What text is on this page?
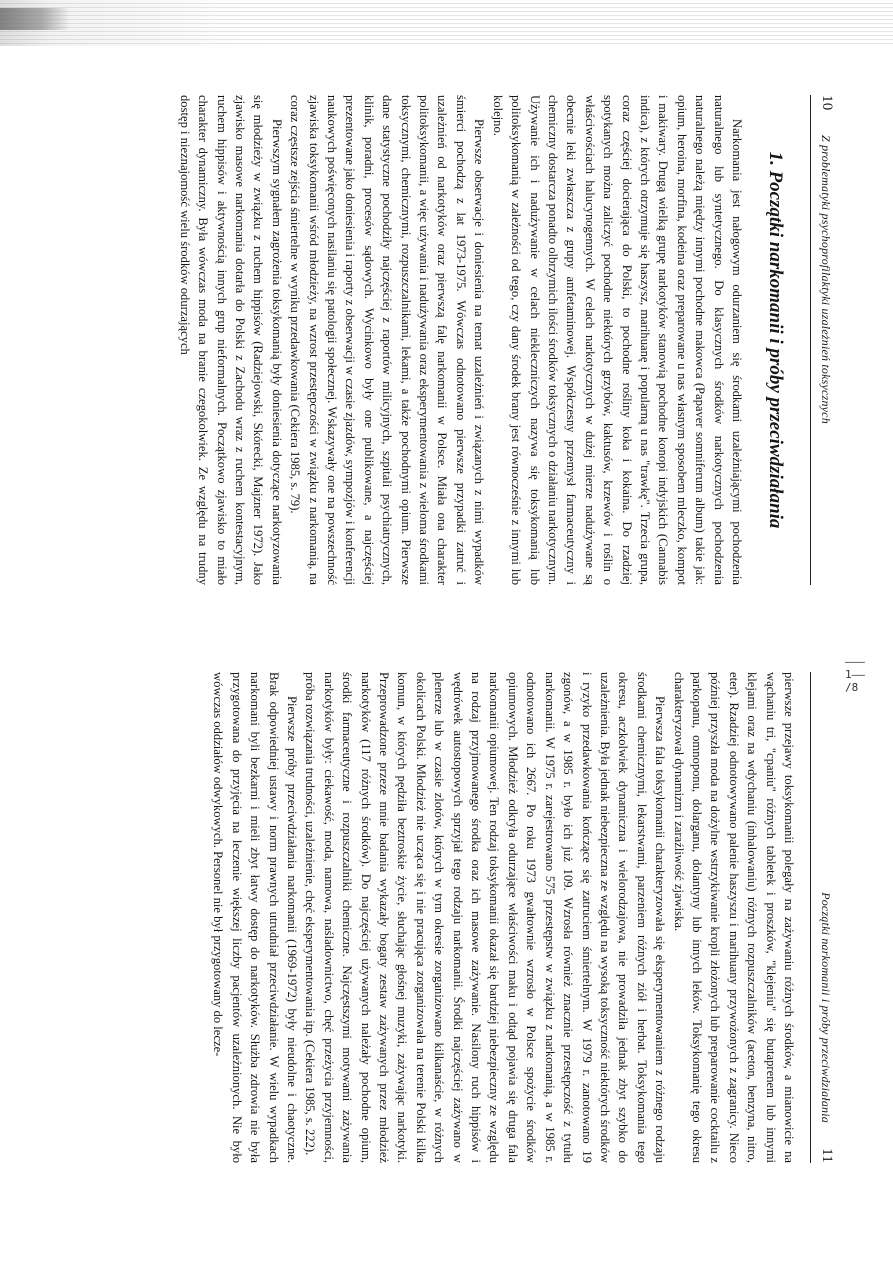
——— 1–— /8
10
Z problematyki psychoprofilaktyki uzależnień toksycznych
1. Początki narkomanii i próby przeciwdziałania

Narkomania jest nałogowym odurzaniem się środkami uzależniającymi pochodzenia naturalnego lub syntetycznego. Do klasycznych środków narkotycznych pochodzenia naturalnego należą między innymi pochodne makowca (Papaver somniferum album) takie jak: opium, heroina, morfina, kodeina oraz preparowane u nas własnym sposobem mleczko, kompot i makiwary. Drugą wielką grupę narkotyków stanowią pochodne konopi indyjskich (Cannabis indica), z których otrzymuje się haszysz, marihuanę i popularną u nas "trawkę". Trzecia grupa, coraz częściej docierająca do Polski, to pochodne rośliny koka i kokaina. Do rzadziej spotykanych można zaliczyć pochodne niektórych grzybów, kaktusów, krzewów i roślin o właściwościach halucynogennych. W celach narkotycznych w dużej mierze nadużywane są obecnie leki zwłaszcza z grupy amfetaminowej. Współczesny przemysł farmaceutyczny i chemiczny dostarcza ponadto olbrzymich ilości środków toksycznych o działaniu narkotycznym. Używanie ich i nadużywanie w celach niekleczniczych nazywa się toksykomanią lub politoksykomanią w zależności od tego, czy dany środek brany jest równocześnie z innymi lub kolejno.

Pierwsze obserwacje i doniesienia na temat uzależnień i związanych z nimi wypadków śmierci pochodzą z lat 1973-1975. Wówczas odnotowano pierwsze przypadki zatruć i uzależnień od narkotyków oraz pierwszą falę narkomanii w Polsce. Miała ona charakter politoksykomanii, a więc używania i nadużywania oraz eksperymentowania z wieloma środkami toksycznymi, chemicznymi, rozpuszczalnikami, lekami, a także pochodnymi opium. Pierwsze dane statystyczne pochodziły najczęściej z raportów milicyjnych, szpitali psychiatrycznych, klinik, poradni, procesów sądowych. Wycinkowo były one publikowane, a najczęściej prezentowane jako doniesienia i raporty z obserwacji w czasie zjazdów, sympozjów i konferencji naukowych poświęconych nasilaniu się patologii społecznej. Wskazywały one na powszechność zjawiska toksykomanii wśród młodzieży, na wzrost przestępczości w związku z narkomanią, na coraz częstsze zejścia śmiertelne w wyniku przedawkowania (Cekiera 1985, s. 79).

Pierwszym sygnałem zagrożenia toksykomanią były doniesienia dotyczące narkotyzowania się młodzieży w związku z ruchem hippisów (Radziejowski, Skórecki, Majzner 1972). Jako zjawisko masowe narkomania dotarła do Polski z Zachodu wraz z ruchem kontestacyjnym, ruchem hippisów i aktywnością innych grup nieformalnych. Początkowo zjawisko to miało charakter dynamiczny. Była wówczas moda na branie czegokolwiek. Ze względu na trudny dostęp i nieznajomość wielu środków odurzających

Początki narkomanii i próby przeciwdziałania
11

pierwsze przejawy toksykomanii polegały na zażywaniu różnych środków, a mianowicie na wąchaniu tri, "cpaniu" różnych tabletek i proszków, "klejeniu" się butaprenem lub innymi klejami oraz na wdychaniu (inhalowaniu) różnych rozpuszczalników (aceton, benzyna, nitro, eter). Rzadziej odnotowywano palenie haszyszu i marihuany przywożonych z zagranicy. Nieco później przyszła moda na dożylne wstrzykiwanie kropli złożonych lub preparowanie cocktailu z parkopanu, omnoponu, dolarganu, dolantyny lub innych leków. Toksykomanię tego okresu charakteryzował dynamizm i zaraźliwość zjawiska.

Pierwsza fala toksykomanii charakteryzowała się eksperymentowaniem z różnego rodzaju środkami chemicznymi, lekarstwami, parzeniem różnych ziół i herbat. Toksykomania tego okresu, aczkolwiek dynamiczna i wielorodzajowa, nie prowadziła jednak zbyt szybko do uzależnienia. Była jednak niebezpieczna ze względu na wysoką toksyczność niektórych środków i ryzyko przedawkowania kończące się zatruciem śmiertelnym. W 1979 r. zanotowano 19 zgonów, a w 1985 r. było ich już 109. Wzrosła również znacznie przestępczość z tytułu narkomanii. W 1975 r. zarejestrowano 575 przestępstw w związku z narkomanią, a w 1985 r. odnotowano ich 2667. Po roku 1973 gwałtownie wzrosło w Polsce spożycie środków opiumowych. Młodzież odkryła odurzające właściwości maku i odtąd pojawia się druga fala narkomanii opiumowej. Ten rodzaj toksykomanii okazał się bardziej niebezpieczny ze względu na rodzaj przyjmowanego środka oraz ich masowe zażywanie. Nasilony ruch hippisów i wędrówek autostopowych sprzyjał tego rodzaju narkomanii. Środki najczęściej zażywano w plenerze lub w czasie zlotów, których w tym okresie zorganizowano kilkanaście, w różnych okolicach Polski. Młodzież nie ucząca się i nie pracująca zorganizowała na terenie Polski kilka komun, w których pędziła beztroskie życie, słuchając głośnej muzyki, zażywając narkotyki. Przeprowadzone przeze mnie badania wykazały bogaty zestaw zażywanych przez młodzież narkotyków (117 różnych środków). Do najczęściej używanych należały pochodne opium, środki farmaceutyczne i rozpuszczalniki chemiczne. Najczęstszymi motywami zażywania narkotyków były: ciekawość, moda, namowa, naśladownictwo, chęć przeżycia przyjemności, próba rozwiązania trudności, uzależnienie, chęć eksperymentowania itp. (Cekiera 1985, s. 222).

Pierwsze próby przeciwdziałania narkomanii (1969-1972) były nieudolne i chaotyczne. Brak odpowiedniej ustawy i norm prawnych utrudniał przeciwdziałanie. W wielu wypadkach narkomani byli bezkarni i mieli zbyt łatwy dostęp do narkotyków. Służba zdrowia nie była przygotowana do przyjęcia na leczenie większej liczby pacjentów uzależnionych. Nie było wówczas oddziałów odwykowych. Personel nie był przygotowany do lecze-
